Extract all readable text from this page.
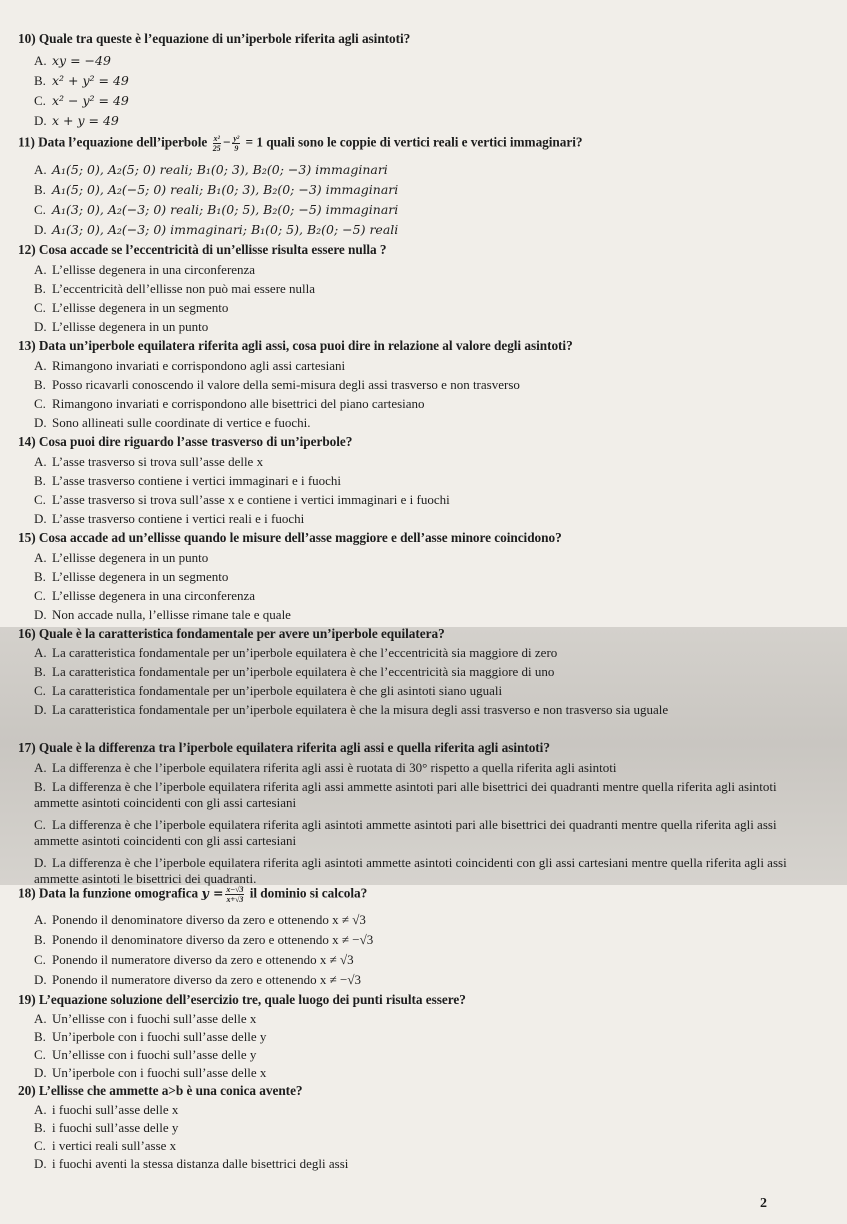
10) Quale tra queste è l’equazione di un’iperbole riferita agli asintoti?
A. xy = −49
B. x² + y² = 49
C. x² − y² = 49
D. x + y = 49
11) Data l’equazione dell’iperbole $\frac{\text{x²}}{25} - \frac{\text{y²}}{9} = 1$ quali sono le coppie di vertici reali e vertici immaginari?
A. A₁(5; 0), A₂(5; 0) reali; B₁(0; 3), B₂(0; −3) immaginari
B. A₁(5; 0), A₂(−5; 0) reali; B₁(0; 3), B₂(0; −3) immaginari
C. A₁(3; 0), A₂(−3; 0) reali; B₁(0; 5), B₂(0; −5) immaginari
D. A₁(3; 0), A₂(−3; 0) immaginari; B₁(0; 5), B₂(0; −5) reali
12) Cosa accade se l’eccentricità di un’ellisse risulta essere nulla ?
A. L’ellisse degenera in una circonferenza
B. L’eccentricità dell’ellisse non può mai essere nulla
C. L’ellisse degenera in un segmento
D. L’ellisse degenera in un punto
13) Data un’iperbole equilatera riferita agli assi, cosa puoi dire in relazione al valore degli asintoti?
A. Rimangono invariati e corrispondono agli assi cartesiani
B. Posso ricavarli conoscendo il valore della semi-misura degli assi trasverso e non trasverso
C. Rimangono invariati e corrispondono alle bisettrici del piano cartesiano
D. Sono allineati sulle coordinate di vertice e fuochi.
14) Cosa puoi dire riguardo l’asse trasverso di un’iperbole?
A. L’asse trasverso si trova sull’asse delle x
B. L’asse trasverso contiene i vertici immaginari e i fuochi
C. L’asse trasverso si trova sull’asse x e contiene i vertici immaginari e i fuochi
D. L’asse trasverso contiene i vertici reali e i fuochi
15) Cosa accade ad un’ellisse quando le misure dell’asse maggiore e dell’asse minore coincidono?
A. L’ellisse degenera in un punto
B. L’ellisse degenera in un segmento
C. L’ellisse degenera in una circonferenza
D. Non accade nulla, l’ellisse rimane tale e quale
16) Quale è la caratteristica fondamentale per avere un’iperbole equilatera?
A. La caratteristica fondamentale per un’iperbole equilatera è che l’eccentricità sia maggiore di zero
B. La caratteristica fondamentale per un’iperbole equilatera è che l’eccentricità sia maggiore di uno
C. La caratteristica fondamentale per un’iperbole equilatera è che gli asintoti siano uguali
D. La caratteristica fondamentale per un’iperbole equilatera è che la misura degli assi trasverso e non trasverso sia uguale
17) Quale è la differenza tra l’iperbole equilatera riferita agli assi e quella riferita agli asintoti?
A. La differenza è che l’iperbole equilatera riferita agli assi è ruotata di 30° rispetto a quella riferita agli asintoti
B. La differenza è che l’iperbole equilatera riferita agli assi ammette asintoti pari alle bisettrici dei quadranti mentre quella riferita agli asintoti ammette asintoti coincidenti con gli assi cartesiani
C. La differenza è che l’iperbole equilatera riferita agli asintoti ammette asintoti pari alle bisettrici dei quadranti mentre quella riferita agli assi ammette asintoti coincidenti con gli assi cartesiani
D. La differenza è che l’iperbole equilatera riferita agli asintoti ammette asintoti coincidenti con gli assi cartesiani mentre quella riferita agli assi ammette asintoti le bisettrici dei quadranti.
18) Data la funzione omografica $y = \frac{x-√3}{x+√3}$ il dominio si calcola?
A. Ponendo il denominatore diverso da zero e ottenendo x ≠ √3
B. Ponendo il denominatore diverso da zero e ottenendo x ≠ −√3
C. Ponendo il numeratore diverso da zero e ottenendo x ≠ √3
D. Ponendo il numeratore diverso da zero e ottenendo x ≠ −√3
19) L’equazione soluzione dell’esercizio tre, quale luogo dei punti risulta essere?
A. Un’ellisse con i fuochi sull’asse delle x
B. Un’iperbole con i fuochi sull’asse delle y
C. Un’ellisse con i fuochi sull’asse delle y
D. Un’iperbole con i fuochi sull’asse delle x
20) L’ellisse che ammette a>b è una conica avente?
A. i fuochi sull’asse delle x
B. i fuochi sull’asse delle y
C. i vertici reali sull’asse x
D. i fuochi aventi la stessa distanza dalle bisettrici degli assi
2
